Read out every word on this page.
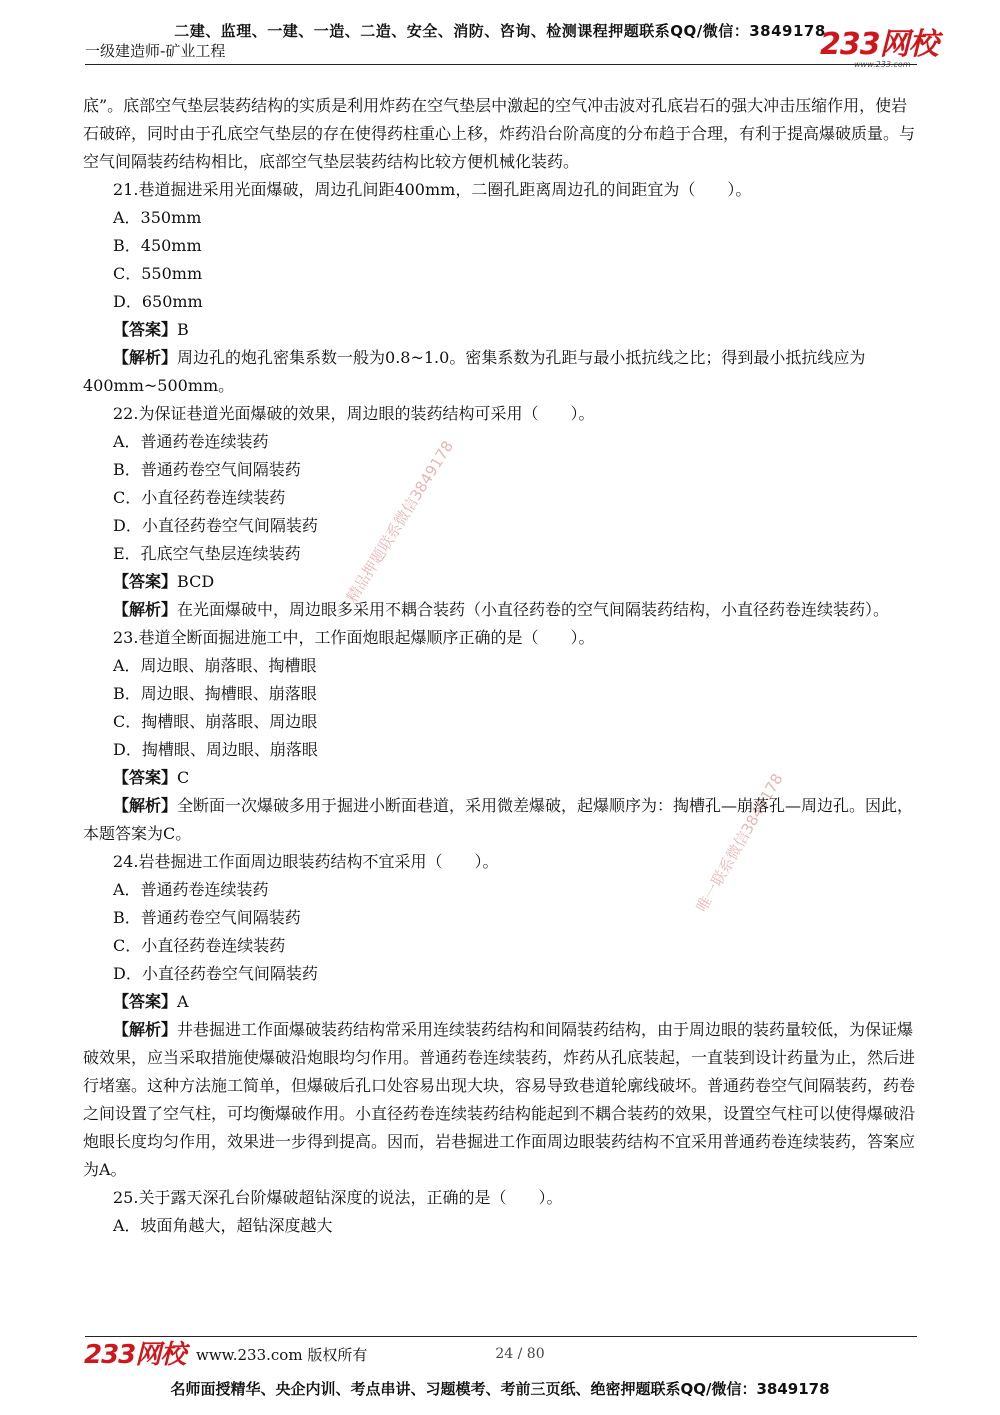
二建、监理、一建、一造、二造、安全、消防、咨询、检测课程押题联系QQ/微信：3849178
一级建造师-矿业工程	233网校
www.233.com
精品押题联系微信3849178
唯一联系微信3849178

底”。底部空气垫层装药结构的实质是利用炸药在空气垫层中激起的空气冲击波对孔底岩石的强大冲击压缩作用，使岩石破碎，同时由于孔底空气垫层的存在使得药柱重心上移，炸药沿台阶高度的分布趋于合理，有利于提高爆破质量。与空气间隔装药结构相比，底部空气垫层装药结构比较方便机械化装药。

21.巷道掘进采用光面爆破，周边孔间距400mm，二圈孔距离周边孔的间距宜为（　　）。

A．350mm

B．450mm

C．550mm

D．650mm

【答案】B

【解析】周边孔的炮孔密集系数一般为0.8~1.0。密集系数为孔距与最小抵抗线之比；得到最小抵抗线应为400mm~500mm。

22.为保证巷道光面爆破的效果，周边眼的装药结构可采用（　　）。

A．普通药卷连续装药

B．普通药卷空气间隔装药

C．小直径药卷连续装药

D．小直径药卷空气间隔装药

E．孔底空气垫层连续装药

【答案】BCD

【解析】在光面爆破中，周边眼多采用不耦合装药（小直径药卷的空气间隔装药结构，小直径药卷连续装药）。

23.巷道全断面掘进施工中，工作面炮眼起爆顺序正确的是（　　）。

A．周边眼、崩落眼、掏槽眼

B．周边眼、掏槽眼、崩落眼

C．掏槽眼、崩落眼、周边眼

D．掏槽眼、周边眼、崩落眼

【答案】C

【解析】全断面一次爆破多用于掘进小断面巷道，采用微差爆破，起爆顺序为：掏槽孔—崩落孔—周边孔。因此，本题答案为C。

24.岩巷掘进工作面周边眼装药结构不宜采用（　　）。

A．普通药卷连续装药

B．普通药卷空气间隔装药

C．小直径药卷连续装药

D．小直径药卷空气间隔装药

【答案】A

【解析】井巷掘进工作面爆破装药结构常采用连续装药结构和间隔装药结构，由于周边眼的装药量较低，为保证爆破效果，应当采取措施使爆破沿炮眼均匀作用。普通药卷连续装药，炸药从孔底装起，一直装到设计药量为止，然后进行堵塞。这种方法施工简单，但爆破后孔口处容易出现大块，容易导致巷道轮廓线破坏。普通药卷空气间隔装药，药卷之间设置了空气柱，可均衡爆破作用。小直径药卷连续装药结构能起到不耦合装药的效果，设置空气柱可以使得爆破沿炮眼长度均匀作用，效果进一步得到提高。因而，岩巷掘进工作面周边眼装药结构不宜采用普通药卷连续装药，答案应为A。

25.关于露天深孔台阶爆破超钻深度的说法，正确的是（　　）。

A．坡面角越大，超钻深度越大

233网校 www.233.com 版权所有	24 / 80
名师面授精华、央企内训、考点串讲、习题模考、考前三页纸、绝密押题联系QQ/微信：3849178
